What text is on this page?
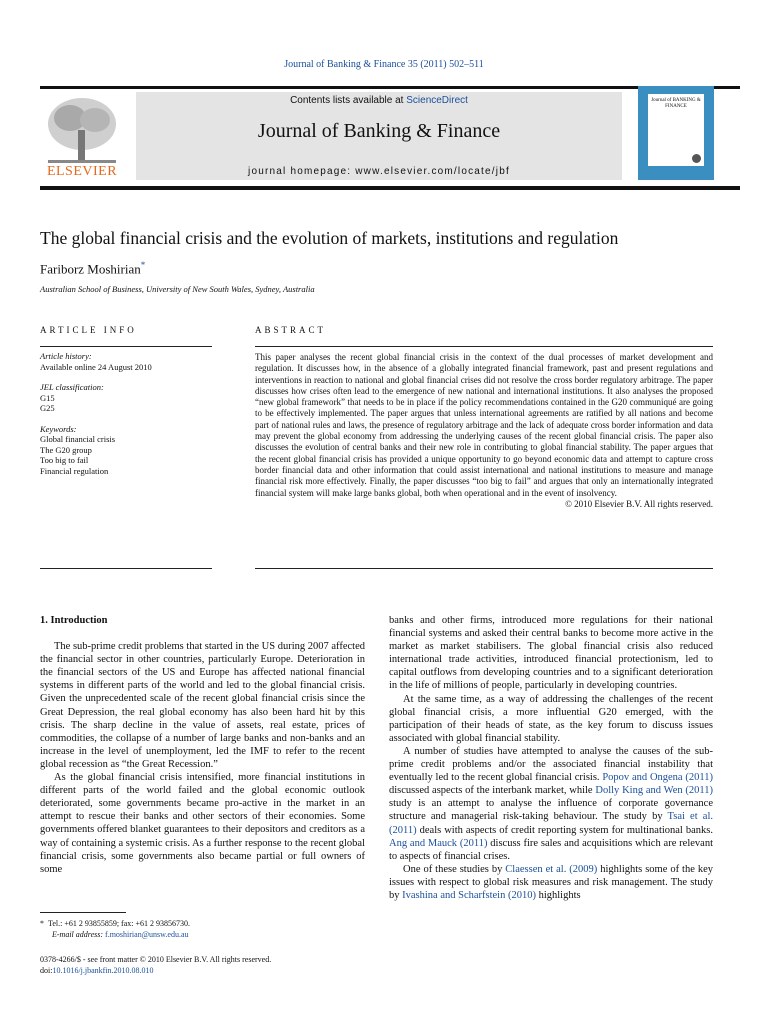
Journal of Banking & Finance 35 (2011) 502–511
ELSEVIER
Contents lists available at ScienceDirect
Journal of Banking & Finance
journal homepage: www.elsevier.com/locate/jbf
Journal of BANKING & FINANCE
The global financial crisis and the evolution of markets, institutions and regulation
Fariborz Moshirian*
Australian School of Business, University of New South Wales, Sydney, Australia
ARTICLE INFO	ABSTRACT
Article history:
Available online 24 August 2010
JEL classification:
G15
G25
Keywords:
Global financial crisis
The G20 group
Too big to fail
Financial regulation
This paper analyses the recent global financial crisis in the context of the dual processes of market development and regulation. It discusses how, in the absence of a globally integrated financial framework, past and present regulations and interventions in reaction to national and global financial crises did not resolve the cross border regulatory arbitrage. The paper discusses how crises often lead to the emergence of new national and international institutions. It also analyses the proposed “new global framework” that needs to be in place if the policy recommendations contained in the G20 communiqué are going to be effectively implemented. The paper argues that unless international agreements are ratified by all nations and become part of national rules and laws, the presence of regulatory arbitrage and the lack of adequate cross border information and data may prevent the global economy from addressing the underlying causes of the recent global financial crisis. The paper also discusses the evolution of central banks and their new role in contributing to global financial stability. The paper argues that the recent global financial crisis has provided a unique opportunity to go beyond economic data and attempt to capture cross border financial data and other information that could assist international and national institutions to measure and manage financial risk more effectively. Finally, the paper discusses “too big to fail” and argues that only an internationally integrated financial system will make large banks global, both when operational and in the event of insolvency.
© 2010 Elsevier B.V. All rights reserved.

1. Introduction

The sub-prime credit problems that started in the US during 2007 affected the financial sector in other countries, particularly Europe. Deterioration in the financial sectors of the US and Europe has affected national financial systems in different parts of the world and led to the global financial crisis. Given the unprecedented scale of the recent global financial crisis since the Great Depression, the real global economy has also been hard hit by this crisis. The sharp decline in the value of assets, real estate, prices of commodities, the collapse of a number of large banks and non-banks and an increase in the level of unemployment, led the IMF to refer to the recent global recession as “the Great Recession.”

As the global financial crisis intensified, more financial institutions in different parts of the world failed and the global economic outlook deteriorated, some governments became pro-active in the market in an attempt to rescue their banks and other sectors of their economies. Some governments offered blanket guarantees to their depositors and creditors as a way of containing a systemic crisis. As a further response to the recent global financial crisis, some governments also became partial or full owners of some

banks and other firms, introduced more regulations for their national financial systems and asked their central banks to become more active in the market as market stabilisers. The global financial crisis also reduced international trade activities, introduced financial protectionism, led to capital outflows from developing countries and to a significant deterioration in the life of millions of people, particularly in developing countries.

At the same time, as a way of addressing the challenges of the recent global financial crisis, a more influential G20 emerged, with the participation of their heads of state, as the key forum to discuss issues associated with global financial stability.

A number of studies have attempted to analyse the causes of the sub-prime credit problems and/or the associated financial instability that eventually led to the recent global financial crisis. Popov and Ongena (2011) discussed aspects of the interbank market, while Dolly King and Wen (2011) study is an attempt to analyse the influence of corporate governance structure and managerial risk-taking behaviour. The study by Tsai et al. (2011) deals with aspects of credit reporting system for multinational banks. Ang and Mauck (2011) discuss fire sales and acquisitions which are relevant to aspects of financial crises.

One of these studies by Claessen et al. (2009) highlights some of the key issues with respect to global risk measures and risk management. The study by Ivashina and Scharfstein (2010) highlights

* Tel.: +61 2 93855859; fax: +61 2 93856730.
E-mail address: f.moshirian@unsw.edu.au
0378-4266/$ - see front matter © 2010 Elsevier B.V. All rights reserved.
doi:10.1016/j.jbankfin.2010.08.010
